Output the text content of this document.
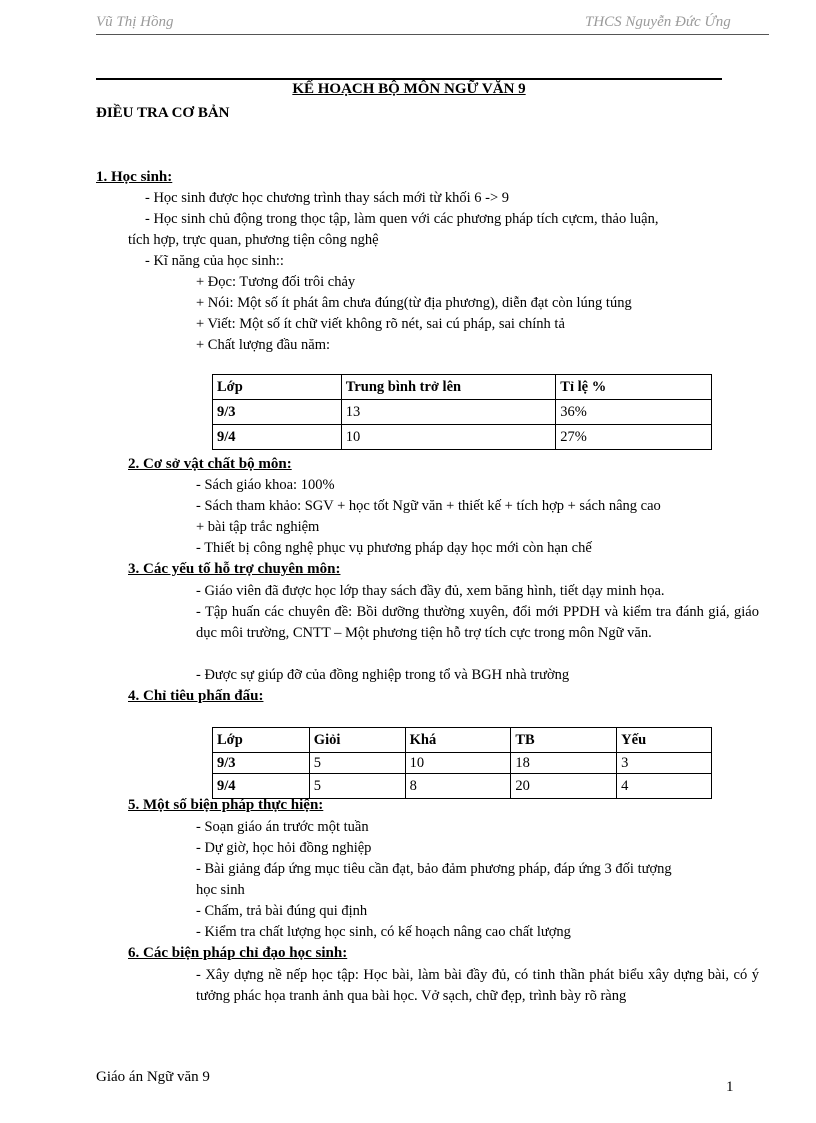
Vũ Thị Hồng	THCS Nguyễn Đức Ứng
KẾ HOẠCH BỘ MÔN NGỮ VĂN 9
ĐIỀU TRA CƠ BẢN
1. Học sinh:
- Học sinh được học chương trình thay sách mới từ khối 6 -> 9
- Học sinh chủ động trong thọc tập, làm quen với các phương pháp tích cựcm, thảo luận,
tích hợp, trực quan, phương tiện công nghệ
- Kĩ năng của học sinh::
+ Đọc: Tương đối trôi chảy
+ Nói: Một số ít phát âm chưa đúng(từ địa phương), diễn đạt còn lúng túng
+ Viết: Một số ít chữ viết không rõ nét, sai cú pháp, sai chính tả
+ Chất lượng đầu năm:
Lớp	Trung bình trở lên	Tỉ lệ %
9/3	13	36%
9/4	10	27%
2. Cơ sở vật chất bộ môn:
- Sách giáo khoa: 100%
- Sách tham khảo: SGV + học tốt Ngữ văn + thiết kế + tích hợp + sách nâng cao
+ bài tập trắc nghiệm
- Thiết bị công nghệ phục vụ phương pháp dạy học mới còn hạn chế
3. Các yếu tố hỗ trợ chuyên môn:
- Giáo viên đã được học lớp thay sách đầy đủ, xem băng hình, tiết dạy minh họa.
- Tập huấn các chuyên đề: Bồi dưỡng thường xuyên, đổi mới PPDH và kiểm tra đánh giá, giáo dục môi trường, CNTT – Một phương tiện hỗ trợ tích cực trong môn Ngữ văn.
- Được sự giúp đỡ của đồng nghiệp trong tổ và BGH nhà trường
4. Chỉ tiêu phấn đấu:
Lớp	Giỏi	Khá	TB	Yếu
9/3	5	10	18	3
9/4	5	8	20	4
5. Một số biện pháp thực hiện:
- Soạn giáo án trước một tuần
- Dự giờ, học hỏi đồng nghiệp
- Bài giảng đáp ứng mục tiêu cần đạt, bảo đảm phương pháp, đáp ứng 3 đối tượng
học sinh
- Chấm, trả bài đúng qui định
- Kiểm tra chất lượng học sinh, có kế hoạch nâng cao chất lượng
6. Các biện pháp chỉ đạo học sinh:
- Xây dựng nề nếp học tập: Học bài, làm bài đầy đủ, có tinh thần phát biểu xây dựng bài, có ý tưởng phác họa tranh ảnh qua bài học. Vở sạch, chữ đẹp, trình bày rõ ràng
Giáo án Ngữ văn 9
1
